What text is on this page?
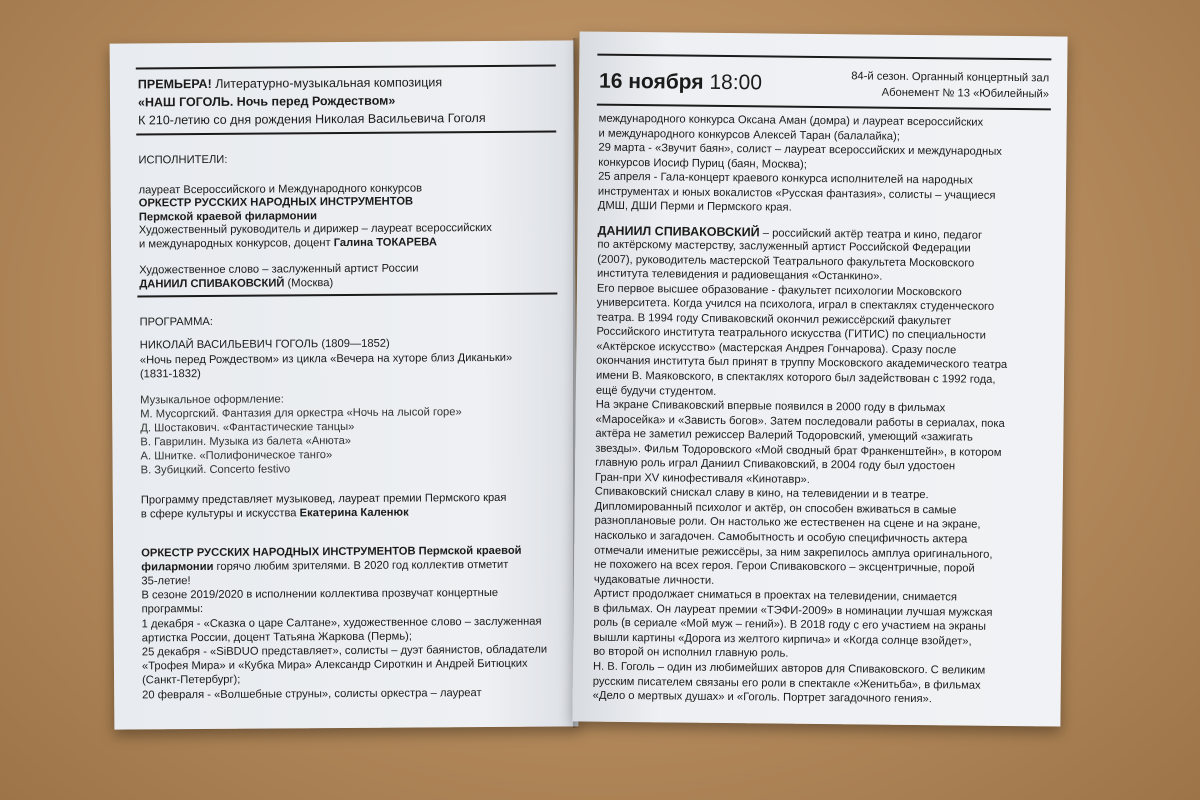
ПРЕМЬЕРА! Литературно-музыкальная композиция
«НАШ ГОГОЛЬ. Ночь перед Рождеством»
К 210-летию со дня рождения Николая Васильевича Гоголя
ИСПОЛНИТЕЛИ:
лауреат Всероссийского и Международного конкурсов
ОРКЕСТР РУССКИХ НАРОДНЫХ ИНСТРУМЕНТОВ
Пермской краевой филармонии
Художественный руководитель и дирижер – лауреат всероссийских
и международных конкурсов, доцент Галина ТОКАРЕВА
Художественное слово – заслуженный артист России
ДАНИИЛ СПИВАКОВСКИЙ (Москва)
ПРОГРАММА:
НИКОЛАЙ ВАСИЛЬЕВИЧ ГОГОЛЬ (1809—1852)
«Ночь перед Рождеством» из цикла «Вечера на хуторе близ Диканьки»
(1831-1832)
Музыкальное оформление:
М. Мусоргский. Фантазия для оркестра «Ночь на лысой горе»
Д. Шостакович. «Фантастические танцы»
В. Гаврилин. Музыка из балета «Анюта»
А. Шнитке. «Полифоническое танго»
В. Зубицкий. Concerto festivo
Программу представляет музыковед, лауреат премии Пермского края
в сфере культуры и искусства Екатерина Каленюк
ОРКЕСТР РУССКИХ НАРОДНЫХ ИНСТРУМЕНТОВ Пермской краевой
филармонии горячо любим зрителями. В 2020 год коллектив отметит
35-летие!
В сезоне 2019/2020 в исполнении коллектива прозвучат концертные
программы:
1 декабря - «Сказка о царе Салтане», художественное слово – заслуженная
артистка России, доцент Татьяна Жаркова (Пермь);
25 декабря - «SiBDUO представляет», солисты – дуэт баянистов, обладатели
«Трофея Мира» и «Кубка Мира» Александр Сироткин и Андрей Битюцких
(Санкт-Петербург);
20 февраля - «Волшебные струны», солисты оркестра – лауреат
16 ноября 18:00	84-й сезон. Органный концертный зал
Абонемент № 13 «Юбилейный»
международного конкурса Оксана Аман (домра) и лауреат всероссийских
и международного конкурсов Алексей Таран (балалайка);
29 марта - «Звучит баян», солист – лауреат всероссийских и международных
конкурсов Иосиф Пуриц (баян, Москва);
25 апреля - Гала-концерт краевого конкурса исполнителей на народных
инструментах и юных вокалистов «Русская фантазия», солисты – учащиеся
ДМШ, ДШИ Перми и Пермского края.
ДАНИИЛ СПИВАКОВСКИЙ – российский актёр театра и кино, педагог
по актёрскому мастерству, заслуженный артист Российской Федерации
(2007), руководитель мастерской Театрального факультета Московского
института телевидения и радиовещания «Останкино».
Его первое высшее образование - факультет психологии Московского
университета. Когда учился на психолога, играл в спектаклях студенческого
театра. В 1994 году Спиваковский окончил режиссёрский факультет
Российского института театрального искусства (ГИТИС) по специальности
«Актёрское искусство» (мастерская Андрея Гончарова). Сразу после
окончания института был принят в труппу Московского академического театра
имени В. Маяковского, в спектаклях которого был задействован с 1992 года,
ещё будучи студентом.
На экране Спиваковский впервые появился в 2000 году в фильмах
«Маросейка» и «Зависть богов». Затем последовали работы в сериалах, пока
актёра не заметил режиссер Валерий Тодоровский, умеющий «зажигать
звезды». Фильм Тодоровского «Мой сводный брат Франкенштейн», в котором
главную роль играл Даниил Спиваковский, в 2004 году был удостоен
Гран-при XV кинофестиваля «Кинотавр».
Спиваковский снискал славу в кино, на телевидении и в театре.
Дипломированный психолог и актёр, он способен вживаться в самые
разноплановые роли. Он настолько же естественен на сцене и на экране,
насколько и загадочен. Самобытность и особую специфичность актера
отмечали именитые режиссёры, за ним закрепилось амплуа оригинального,
не похожего на всех героя. Герои Спиваковского – эксцентричные, порой
чудаковатые личности.
Артист продолжает сниматься в проектах на телевидении, снимается
в фильмах. Он лауреат премии «ТЭФИ-2009» в номинации лучшая мужская
роль (в сериале «Мой муж – гений»). В 2018 году с его участием на экраны
вышли картины «Дорога из желтого кирпича» и «Когда солнце взойдет»,
во второй он исполнил главную роль.
Н. В. Гоголь – один из любимейших авторов для Спиваковского. С великим
русским писателем связаны его роли в спектакле «Женитьба», в фильмах
«Дело о мертвых душах» и «Гоголь. Портрет загадочного гения».
